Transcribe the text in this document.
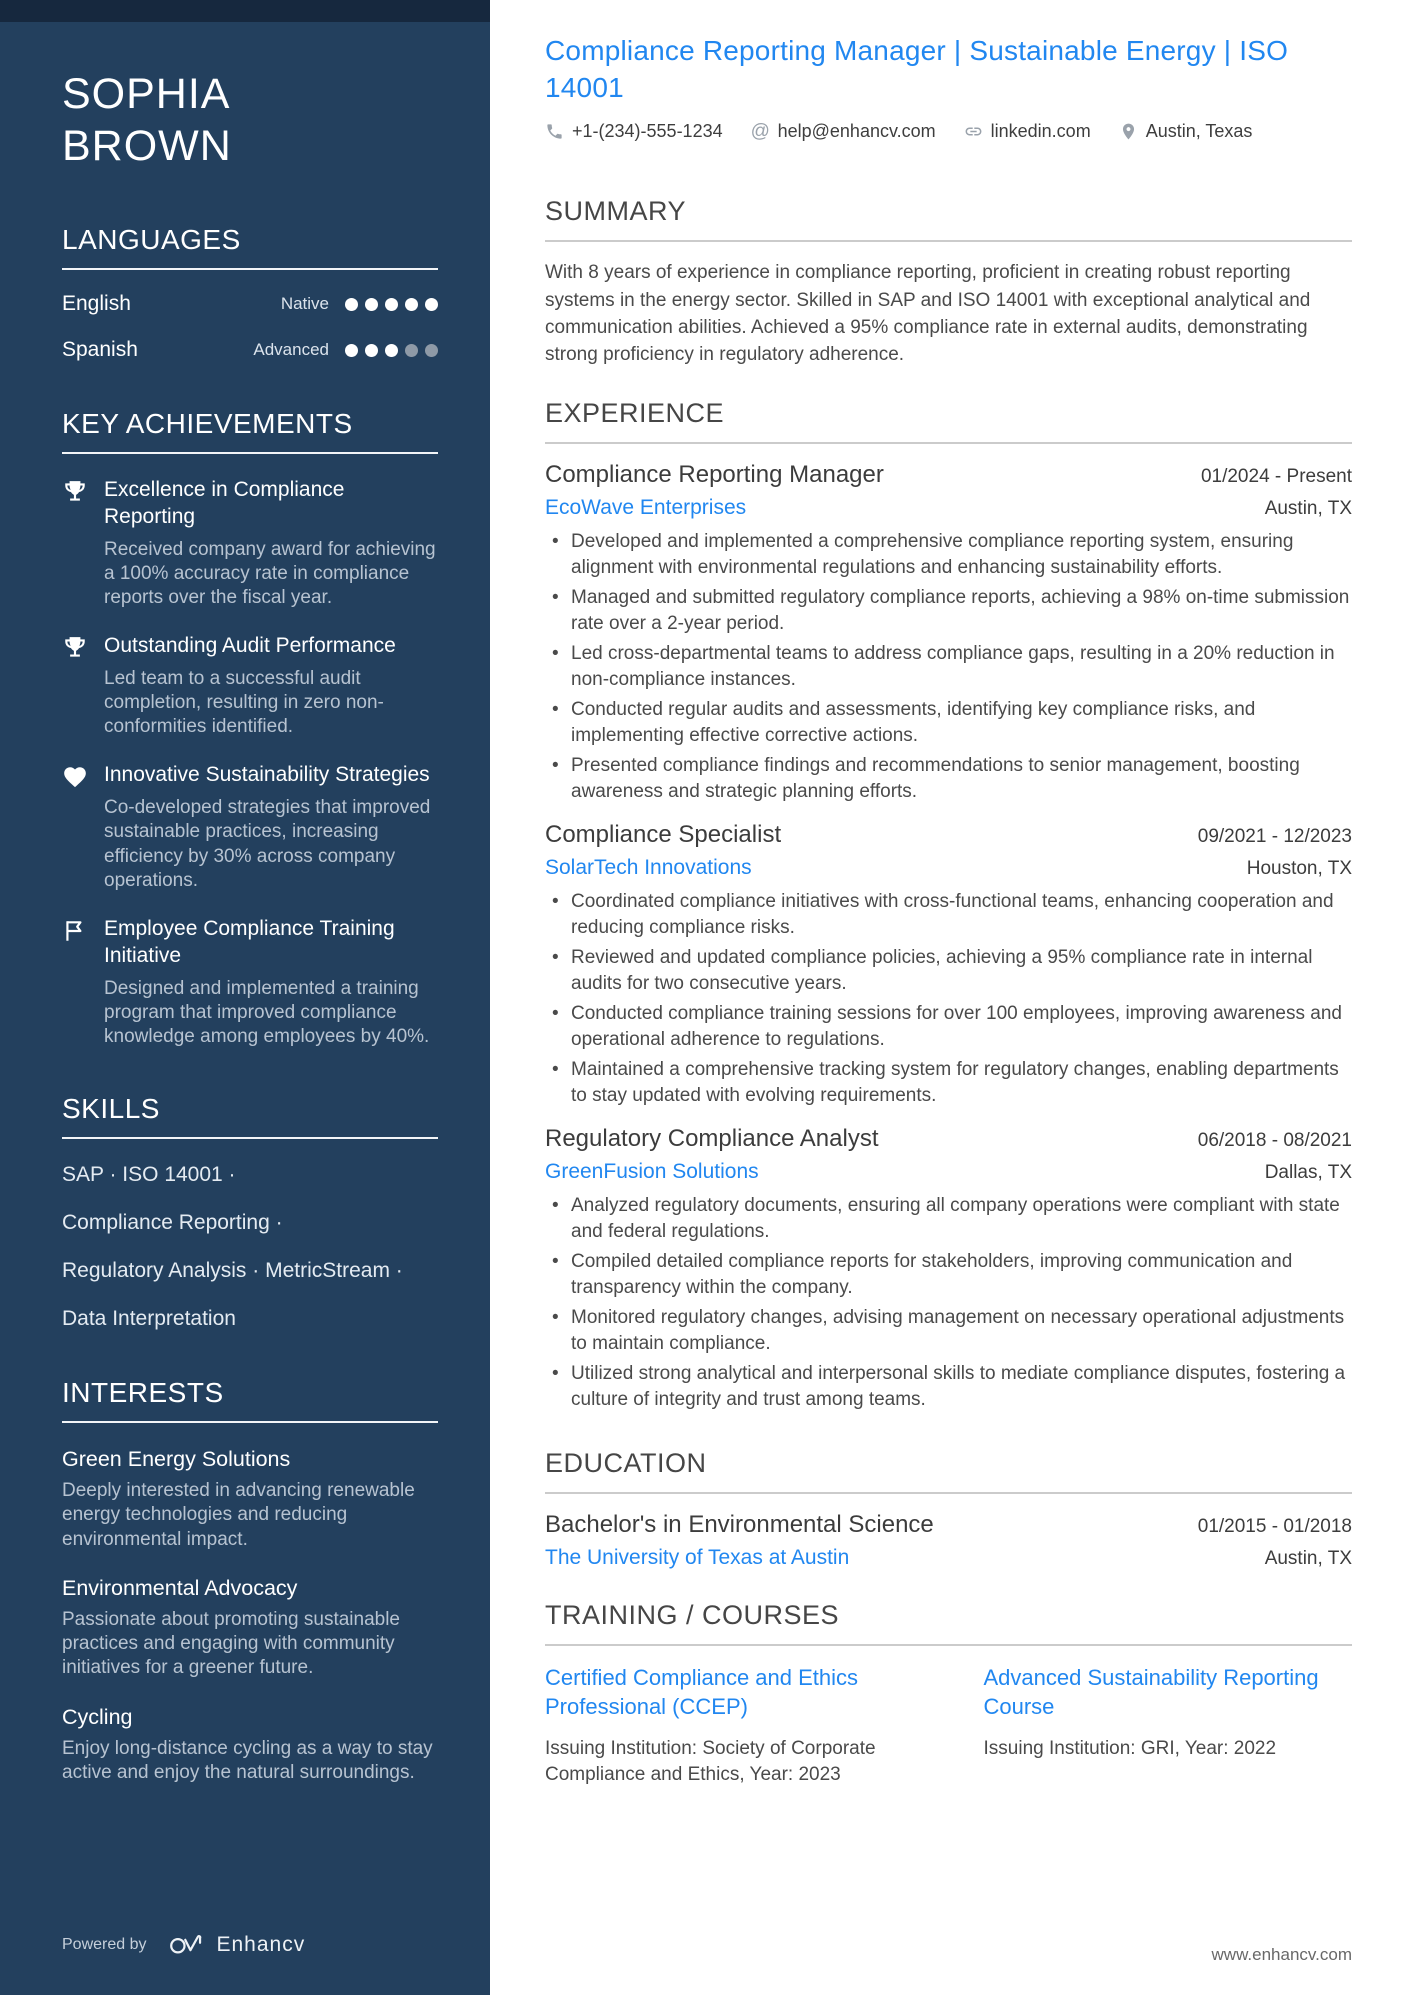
SOPHIA BROWN
LANGUAGES
English	Native
Spanish	Advanced
KEY ACHIEVEMENTS
Excellence in Compliance Reporting
Received company award for achieving a 100% accuracy rate in compliance reports over the fiscal year.
Outstanding Audit Performance
Led team to a successful audit completion, resulting in zero non-conformities identified.
Innovative Sustainability Strategies
Co-developed strategies that improved sustainable practices, increasing efficiency by 30% across company operations.
Employee Compliance Training Initiative
Designed and implemented a training program that improved compliance knowledge among employees by 40%.
SKILLS
SAP · ISO 14001 ·
Compliance Reporting ·
Regulatory Analysis · MetricStream ·
Data Interpretation
INTERESTS
Green Energy Solutions
Deeply interested in advancing renewable energy technologies and reducing environmental impact.
Environmental Advocacy
Passionate about promoting sustainable practices and engaging with community initiatives for a greener future.
Cycling
Enjoy long-distance cycling as a way to stay active and enjoy the natural surroundings.
Powered by	Enhancv
Compliance Reporting Manager | Sustainable Energy | ISO 14001
+1-(234)-555-1234 @ help@enhancv.com	linkedin.com	Austin, Texas
SUMMARY

With 8 years of experience in compliance reporting, proficient in creating robust reporting systems in the energy sector. Skilled in SAP and ISO 14001 with exceptional analytical and communication abilities. Achieved a 95% compliance rate in external audits, demonstrating strong proficiency in regulatory adherence.

EXPERIENCE
Compliance Reporting Manager	01/2024 - Present
EcoWave Enterprises	Austin, TX
• Developed and implemented a comprehensive compliance reporting system, ensuring alignment with environmental regulations and enhancing sustainability efforts.
• Managed and submitted regulatory compliance reports, achieving a 98% on-time submission rate over a 2-year period.
• Led cross-departmental teams to address compliance gaps, resulting in a 20% reduction in non-compliance instances.
• Conducted regular audits and assessments, identifying key compliance risks, and implementing effective corrective actions.
• Presented compliance findings and recommendations to senior management, boosting awareness and strategic planning efforts.
Compliance Specialist	09/2021 - 12/2023
SolarTech Innovations	Houston, TX
• Coordinated compliance initiatives with cross-functional teams, enhancing cooperation and reducing compliance risks.
• Reviewed and updated compliance policies, achieving a 95% compliance rate in internal audits for two consecutive years.
• Conducted compliance training sessions for over 100 employees, improving awareness and operational adherence to regulations.
• Maintained a comprehensive tracking system for regulatory changes, enabling departments to stay updated with evolving requirements.
Regulatory Compliance Analyst	06/2018 - 08/2021
GreenFusion Solutions	Dallas, TX
• Analyzed regulatory documents, ensuring all company operations were compliant with state and federal regulations.
• Compiled detailed compliance reports for stakeholders, improving communication and transparency within the company.
• Monitored regulatory changes, advising management on necessary operational adjustments to maintain compliance.
• Utilized strong analytical and interpersonal skills to mediate compliance disputes, fostering a culture of integrity and trust among teams.
EDUCATION
Bachelor's in Environmental Science	01/2015 - 01/2018
The University of Texas at Austin	Austin, TX
TRAINING / COURSES
Certified Compliance and Ethics Professional (CCEP)
Issuing Institution: Society of Corporate Compliance and Ethics, Year: 2023
Advanced Sustainability Reporting Course
Issuing Institution: GRI, Year: 2022
www.enhancv.com
